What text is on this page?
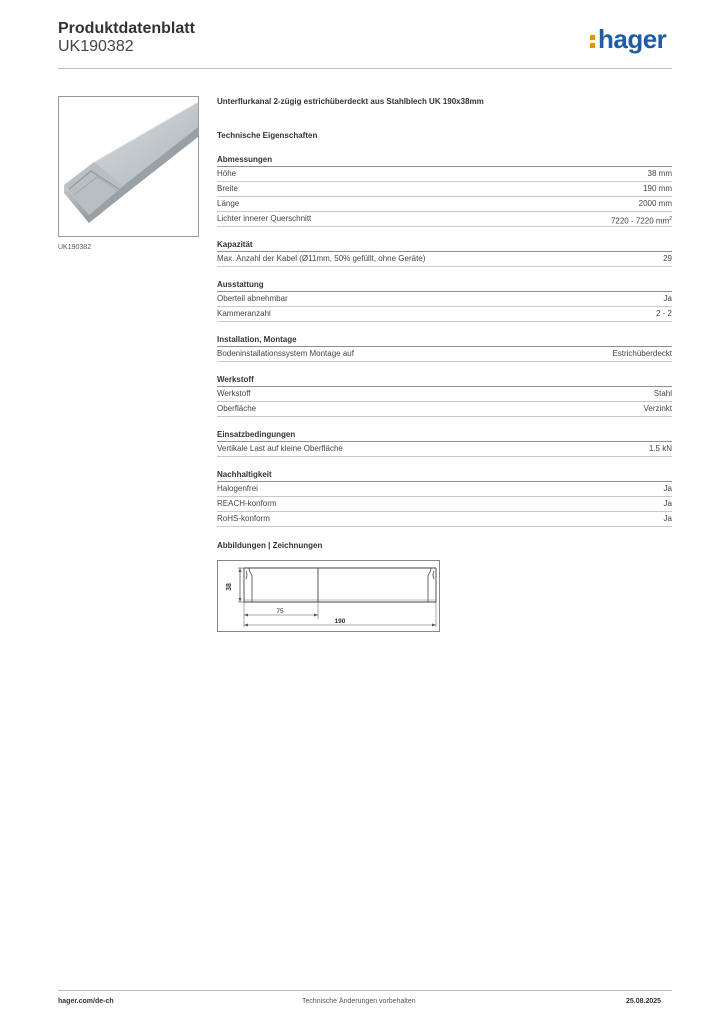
Produktdatenblatt
UK190382	hager
UK190382
Unterflurkanal 2-zügig estrichüberdeckt aus Stahlblech UK 190x38mm
Technische Eigenschaften
Abmessungen
Höhe	38 mm
Breite	190 mm
Länge	2000 mm
Lichter innerer Querschnitt	7220 - 7220 $mm^2$
Kapazität
Max. Anzahl der Kabel (Ø11mm, 50% gefüllt, ohne Geräte)	29
Ausstattung
Oberteil abnehmbar	Ja
Kammeranzahl	2 - 2
Installation, Montage
Bodeninstallationssystem Montage auf	Estrichüberdeckt
Werkstoff
Werkstoff	Stahl
Oberfläche	Verzinkt
Einsatzbedingungen
Vertikale Last auf kleine Oberfläche	1.5 kN
Nachhaltigkeit
Halogenfrei	Ja
REACH-konform	Ja
RoHS-konform	Ja
Abbildungen | Zeichnungen
38
75
190
hager.com/de-ch	Technische Änderungen vorbehalten	25.08.2025
